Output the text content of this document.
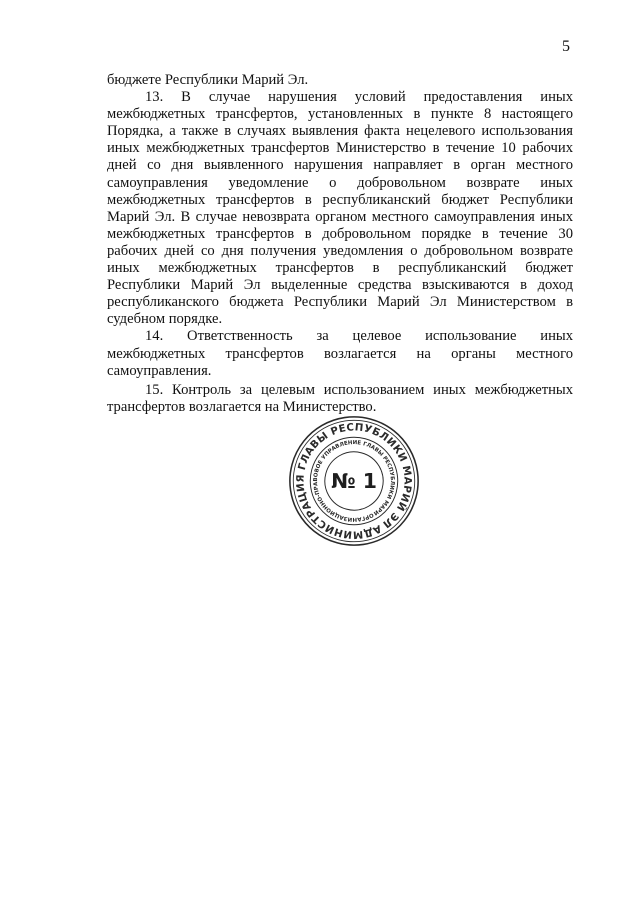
5

бюджете Республики Марий Эл.

13. В случае нарушения условий предоставления иных межбюджетных трансфертов, установленных в пункте 8 настоящего Порядка, а также в случаях выявления факта нецелевого использования иных межбюджетных трансфертов Министерство в течение 10 рабочих дней со дня выявленного нарушения направляет в орган местного самоуправления уведомление о добровольном возврате иных межбюджетных трансфертов в республиканский бюджет Республики Марий Эл. В случае невозврата органом местного самоуправления иных межбюджетных трансфертов в добровольном порядке в течение 30 рабочих дней со дня получения уведомления о добровольном возврате иных межбюджетных трансфертов в республиканский бюджет Республики Марий Эл выделенные средства взыскиваются в доход республиканского бюджета Республики Марий Эл Министерством в судебном порядке.

14. Ответственность за целевое использование иных межбюджетных трансфертов возлагается на органы местного самоуправления.

15. Контроль за целевым использованием иных межбюджетных трансфертов возлагается на Министерство.

АДМИНИСТРАЦИЯ ГЛАВЫ РЕСПУБЛИКИ МАРИЙ ЭЛ
ОРГАНИЗАЦИОННО-ПРАВОВОЕ УПРАВЛЕНИЕ ГЛАВЫ РЕСПУБЛИКИ МАРИЙ
№ 1
